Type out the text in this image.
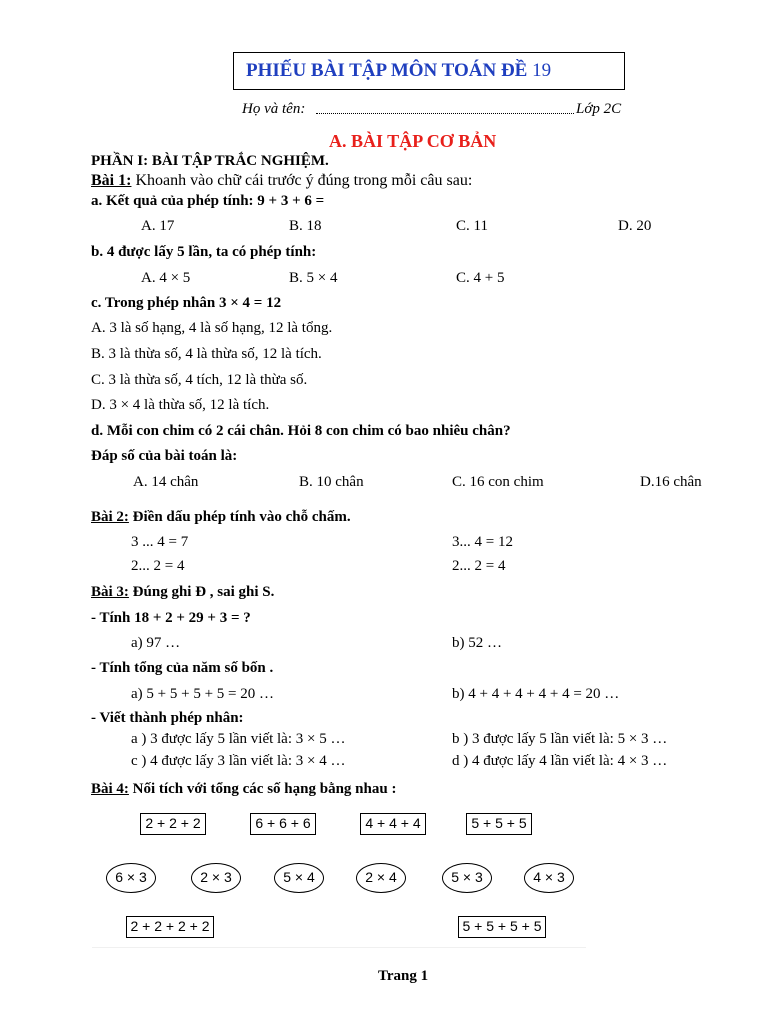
PHIẾU BÀI TẬP MÔN TOÁN ĐỀ 19
Họ và tên:	Lớp 2C
A. BÀI TẬP CƠ BẢN
PHẦN I: BÀI TẬP TRẮC NGHIỆM.
Bài 1: Khoanh vào chữ cái trước ý đúng trong mỗi câu sau:
a. Kết quả của phép tính: 9 + 3 + 6 =
A. 17	B. 18	C. 11	D. 20
b. 4 được lấy 5 lần, ta có phép tính:
A. 4 × 5	B. 5 × 4	C. 4 + 5
c. Trong phép nhân 3 × 4 = 12
A. 3 là số hạng, 4 là số hạng, 12 là tổng.
B. 3 là thừa số, 4 là thừa số, 12 là tích.
C. 3 là thừa số, 4 tích, 12 là thừa số.
D. 3 × 4 là thừa số, 12 là tích.
d. Mỗi con chim có 2 cái chân. Hỏi 8 con chim có bao nhiêu chân?
Đáp số của bài toán là:
A. 14 chân	B. 10 chân	C. 16 con chim	D.16 chân
Bài 2: Điền dấu phép tính vào chỗ chấm.
3 ... 4 = 7	3... 4 = 12
2... 2 = 4	2... 2 = 4
Bài 3: Đúng ghi Đ , sai ghi S.
- Tính 18 + 2 + 29 + 3 = ?
a) 97 …	b) 52 …
- Tính tổng của năm số bốn .
a) 5 + 5 + 5 + 5 = 20 …	b) 4 + 4 + 4 + 4 + 4 = 20 …
- Viết thành phép nhân:
a ) 3 được lấy 5 lần viết là: 3 × 5 …	b ) 3 được lấy 5 lần viết là: 5 × 3 …
c ) 4 được lấy 3 lần viết là: 3 × 4 …	d ) 4 được lấy 4 lần viết là: 4 × 3 …
Bài 4: Nối tích với tổng các số hạng bằng nhau :
2 + 2 + 2	6 + 6 + 6	4 + 4 + 4	5 + 5 + 5
6 × 3	2 × 3	5 × 4	2 × 4	5 × 3	4 × 3
2 + 2 + 2 + 2	5 + 5 + 5 + 5
Trang 1
